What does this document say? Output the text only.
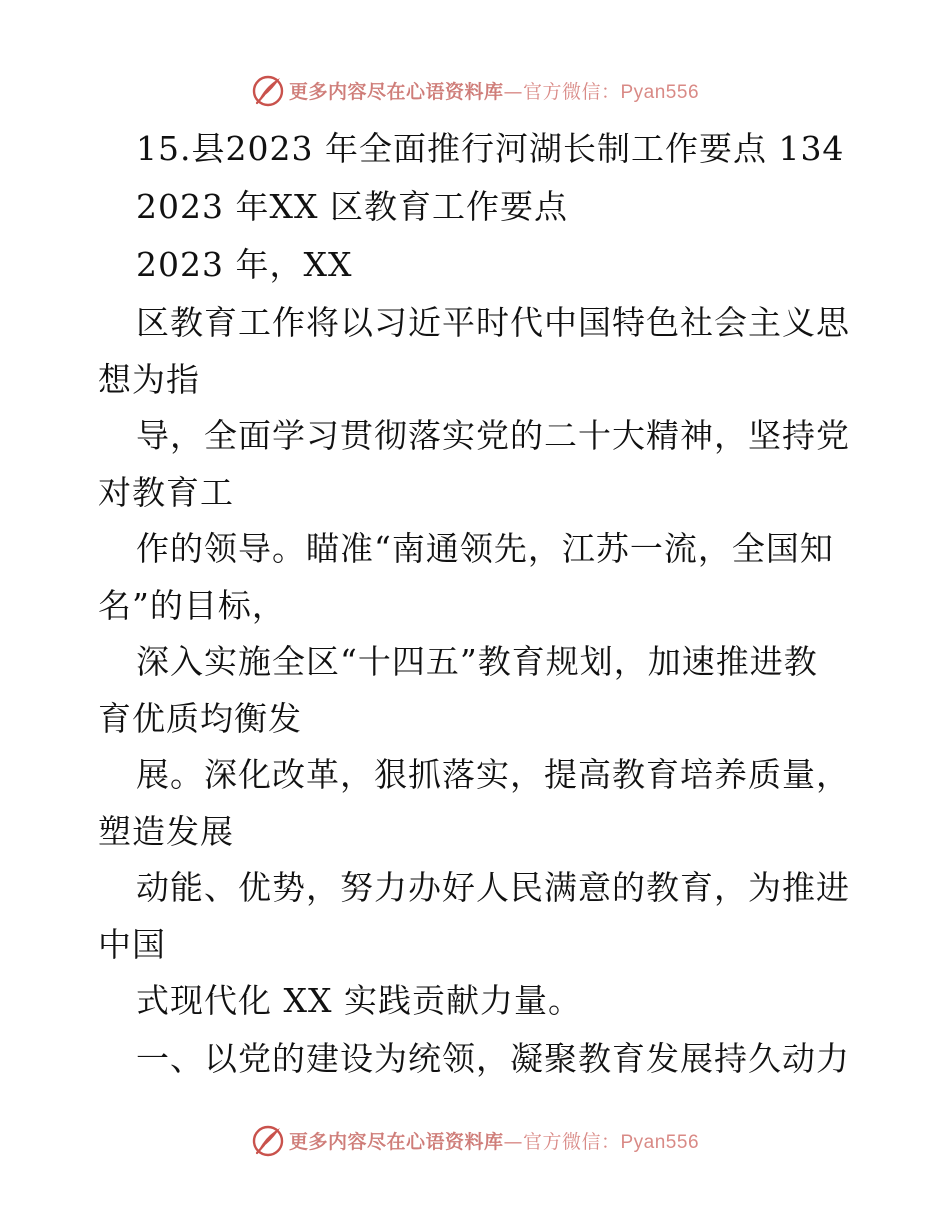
更多内容尽在心语资料库—官方微信：Pyan556
15.县2023 年全面推行河湖长制工作要点 134
2023 年XX 区教育工作要点
2023 年，XX
区教育工作将以习近平时代中国特色社会主义思
想为指
导，全面学习贯彻落实党的二十大精神，坚持党
对教育工
作的领导。瞄准“南通领先，江苏一流，全国知
名”的目标，
深入实施全区“十四五”教育规划，加速推进教
育优质均衡发
展。深化改革，狠抓落实，提高教育培养质量，
塑造发展
动能、优势，努力办好人民满意的教育，为推进
中国
式现代化 XX 实践贡献力量。
一、以党的建设为统领，凝聚教育发展持久动力
更多内容尽在心语资料库—官方微信：Pyan556
